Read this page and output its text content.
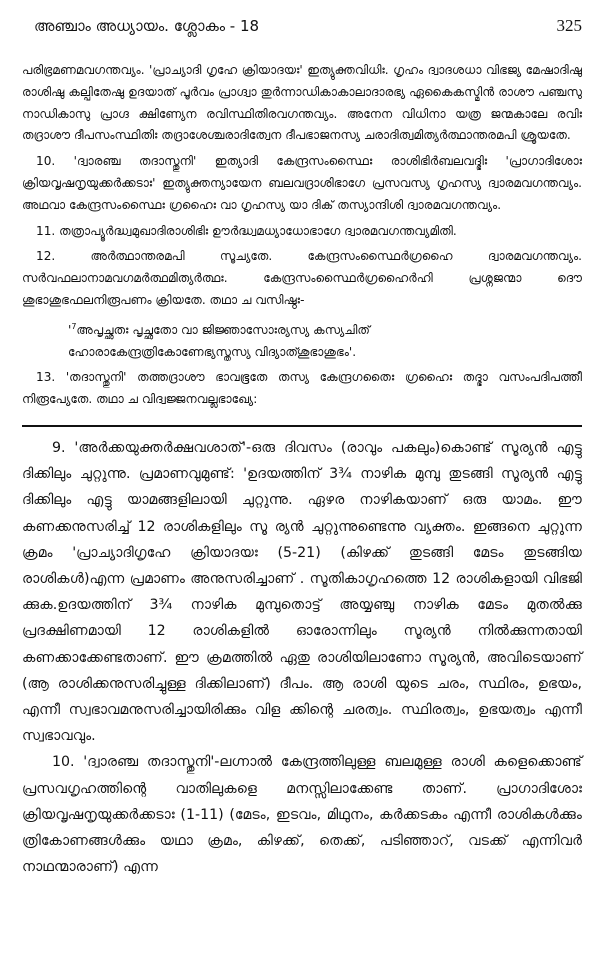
അഞ്ചാം അധ്യായം. ശ്ലോകം - 18	325

പരിഭ്രമണമവഗന്തവ്യം. 'പ്രാച്യാദി ഗൃഹേ ക്രിയാദയഃ' ഇത്യുക്തവിധിഃ. ഗൃഹം ദ്വാദശധാ വിഭജ്യ മേഷാദിഷു രാശിഷു കല്പിതേഷു ഉദയാത് പൂർവം പ്രാഗ്ദ്വാ തുർന്നാഡികാകാലാദാരഭ്യ ഏകൈകസ്മിൻ രാശൗ പഞ്ചസു നാഡികാസു പ്രാഗ്ദ ക്ഷിണ്യേന രവിസ്ഥിതിരവഗന്തവ്യം. അനേന വിധിനാ യത്ര ജന്മകാലേ രവിഃ തദ്രാശൗ ദീപസംസ്ഥിതിഃ തദ്രാശേശ്ചരാദിത്വേന ദീപഭാജനസ്യ ചരാദിത്വമിത്യർത്ഥാന്തരമപി ശ്രൂയതേ.

10. 'ദ്വാരഞ്ച തദാസ്തുനി' ഇത്യാദി കേന്ദ്രസംസ്ഥൈഃ രാശിഭിർബലവദ്ഭിഃ 'പ്രാഗാദിശോഃ ക്രിയവൃഷനൃയുക്കർക്കടാഃ' ഇത്യുക്തന്യായേന ബലവദ്രാശിഭാഗേ പ്രസവസ്യ ഗൃഹസ്യ ദ്വാരമവഗന്തവ്യം. അഥവാ കേന്ദ്രസംസ്ഥൈഃ ഗ്രഹൈഃ വാ ഗൃഹസ്യ യാ ദിക് തസ്യാന്ദിശി ദ്വാരമവഗന്തവ്യം.

11. തത്രാപ്യൂർദ്ധ്വമുഖാദിരാശിഭിഃ ഊർദ്ധ്വമധ്യാധോഭാഗേ ദ്വാരമവഗന്തവ്യമിതി.

12. അർത്ഥാന്തരമപി സൂച്യതേ. കേന്ദ്രസംസ്ഥൈർഗ്രഹൈ ദ്വാരമവഗന്തവ്യം. സർവഫലാനാമവഗമർത്ഥമിത്യർത്ഥഃ. കേന്ദ്രസംസ്ഥൈർഗ്രഹൈർഹി പ്രശ്നജന്മാ ദൌ ശുഭാശുഭഫലനിരൂപണം ക്രിയതേ. തഥാ ച വസിഷ്ഠഃ-

'$^7അപൃച്ഛതഃ$ പൃച്ഛതോ വാ ജിജ്ഞാസോഃര്യസ്യ കസ്യചിത്
ഹോരാകേന്ദ്രത്രികോണേഭ്യസ്തസ്യ വിദ്യാത്ശുഭാശുഭം'.

13. 'തദാസ്തുനി' തത്തദ്രാശൗ ഭാവഭൂതേ തസ്യ കേന്ദ്രഗതൈഃ ഗ്രഹൈഃ തദ്ഭാ വസംപദിപത്തീ നിരൂപ്യേതേ. തഥാ ച വിദ്വജ്ജനവല്ലഭാഖ്യേ:

9. 'അർക്കയുക്തർക്ഷവശാത്'-ഒരു ദിവസം (രാവും പകലും)കൊണ്ട് സൂര്യൻ എട്ടു ദിക്കിലും ചുറ്റുന്നു. പ്രമാണവുമുണ്ട്: 'ഉദയത്തിന് 3¾ നാഴിക മുമ്പു തുടങ്ങി സൂര്യൻ എട്ടു ദിക്കിലും എട്ടു യാമങ്ങളിലായി ചുറ്റുന്നു. ഏഴര നാഴികയാണ് ഒരു യാമം. ഈ കണക്കനുസരിച്ച് 12 രാശികളിലും സൂ ര്യൻ ചുറ്റുന്നുണ്ടെന്നു വ്യക്തം. ഇങ്ങനെ ചുറ്റുന്ന ക്രമം 'പ്രാച്യാദിഗൃഹേ ക്രിയാദയഃ (5-21) (കിഴക്ക് തുടങ്ങി മേടം തുടങ്ങിയ രാശികൾ)എന്ന പ്രമാണം അനുസരിച്ചാണ് . സൂതികാഗൃഹത്തെ 12 രാശികളായി വിഭജി ക്കുക.ഉദയത്തിന് 3¾ നാഴിക മുമ്പുതൊട്ട് അയ്യഞ്ചു നാഴിക മേടം മുതൽക്കു പ്രദക്ഷിണമായി 12 രാശികളിൽ ഓരോന്നിലും സൂര്യൻ നിൽക്കുന്നതായി കണക്കാക്കേണ്ടതാണ്. ഈ ക്രമത്തിൽ ഏതു രാശിയിലാണോ സൂര്യൻ, അവിടെയാണ് (ആ രാശിക്കനുസരിച്ചുള്ള ദിക്കിലാണ്) ദീപം. ആ രാശി യുടെ ചരം, സ്ഥിരം, ഉഭയം, എന്നീ സ്വഭാവമനുസരിച്ചായിരിക്കും വിള ക്കിന്റെ ചരത്വം. സ്ഥിരത്വം, ഉഭയത്വം എന്നീ സ്വഭാവവും.

10. 'ദ്വാരഞ്ച തദാസ്തുനി'-ലഗ്നാൽ കേന്ദ്രത്തിലുള്ള ബലമുള്ള രാശി കളെക്കൊണ്ട് പ്രസവഗൃഹത്തിന്റെ വാതിലുകളെ മനസ്സിലാക്കേണ്ട താണ്. പ്രാഗാദിശോഃ ക്രിയവൃഷനൃയുക്കർക്കടാഃ (1-11) (മേടം, ഇടവം, മിഥുനം, കർക്കടകം എന്നീ രാശികൾക്കും ത്രികോണങ്ങൾക്കും യഥാ ക്രമം, കിഴക്ക്, തെക്ക്, പടിഞ്ഞാറ്, വടക്ക് എന്നിവർ നാഥന്മാരാണ്) എന്ന
